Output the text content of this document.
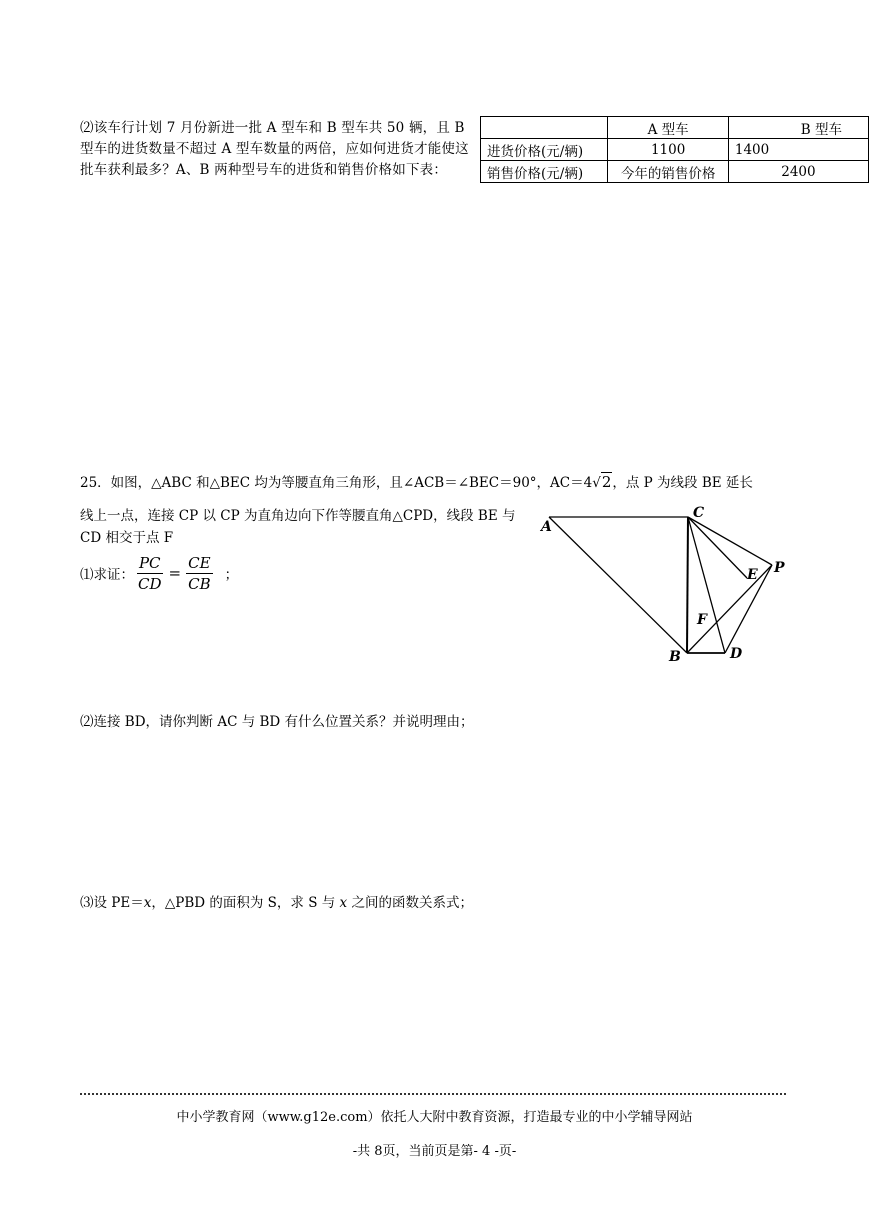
⑵该车行计划 7 月份新进一批 A 型车和 B 型车共 50 辆，且 B 型车的进货数量不超过 A 型车数量的两倍，应如何进货才能使这批车获利最多？A、B 两种型号车的进货和销售价格如下表：
	A 型车	B 型车
进货价格(元/辆)	1100	1400
销售价格(元/辆)	今年的销售价格	2400
25．如图，△ABC 和△BEC 均为等腰直角三角形，且∠ACB＝∠BEC＝90°，AC＝4√2，点 P 为线段 BE 延长
线上一点，连接 CP 以 CP 为直角边向下作等腰直角△CPD，线段 BE 与 CD 相交于点 F
⑴求证： $\frac{PC}{CD} = \frac{CE}{CB}$ ；
A
C
E P
F
B	D
⑵连接 BD，请你判断 AC 与 BD 有什么位置关系？并说明理由；
⑶设 PE＝x，△PBD 的面积为 S，求 S 与 x 之间的函数关系式；
中小学教育网（www.g12e.com）依托人大附中教育资源，打造最专业的中小学辅导网站
-共 8页，当前页是第- 4 -页-
